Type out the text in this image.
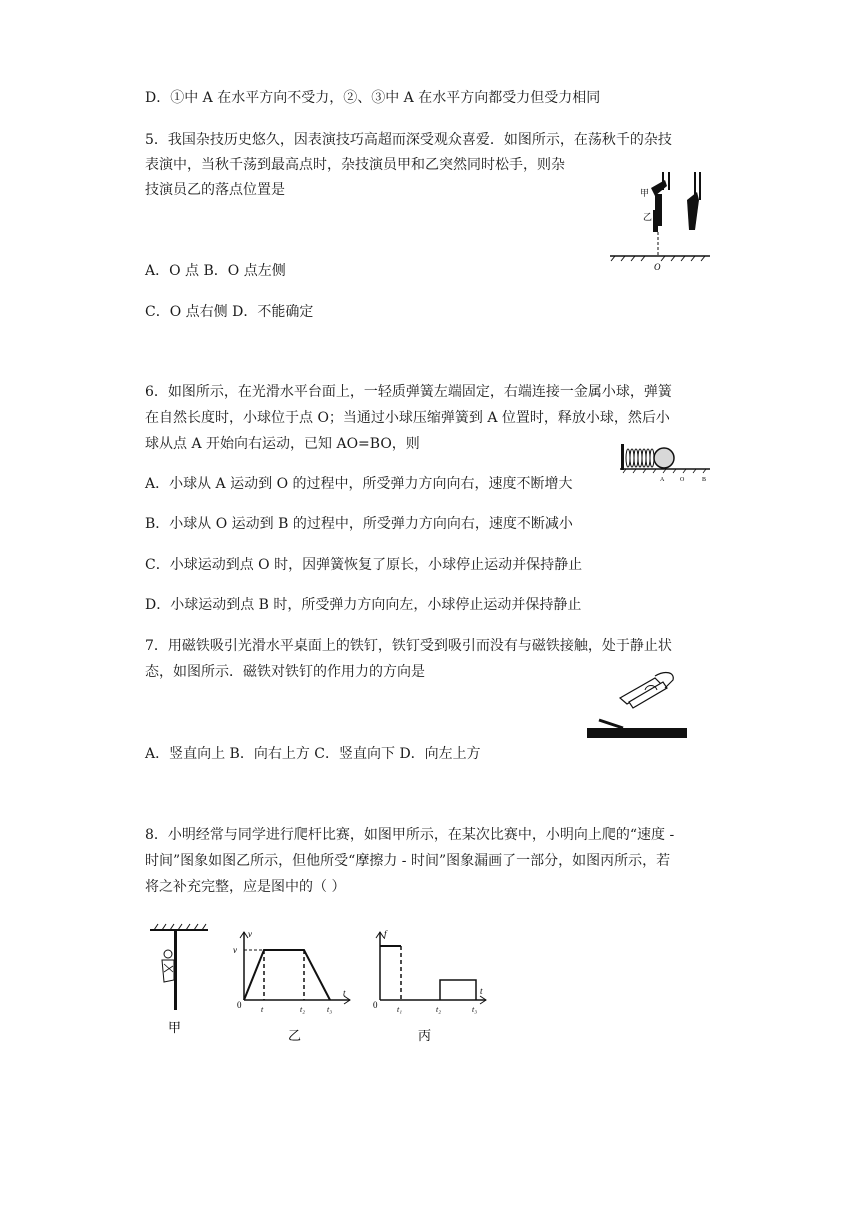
D．①中 A 在水平方向不受力，②、③中 A 在水平方向都受力但受力相同
5．我国杂技历史悠久，因表演技巧高超而深受观众喜爱．如图所示，在荡秋千的杂技
表演中，当秋千荡到最高点时，杂技演员甲和乙突然同时松手，则杂
技演员乙的落点位置是	甲
乙
O
A．O 点 B．O 点左侧
C．O 点右侧 D．不能确定
6．如图所示，在光滑水平台面上，一轻质弹簧左端固定，右端连接一金属小球，弹簧
在自然长度时，小球位于点 O；当通过小球压缩弹簧到 A 位置时，释放小球，然后小
球从点 A 开始向右运动，已知 AO=BO，则
A	O	B
A．小球从 A 运动到 O 的过程中，所受弹力方向向右，速度不断增大
B．小球从 O 运动到 B 的过程中，所受弹力方向向右，速度不断减小
C．小球运动到点 O 时，因弹簧恢复了原长，小球停止运动并保持静止
D．小球运动到点 B 时，所受弹力方向向左，小球停止运动并保持静止
7．用磁铁吸引光滑水平桌面上的铁钉，铁钉受到吸引而没有与磁铁接触，处于静止状
态，如图所示．磁铁对铁钉的作用力的方向是
A．竖直向上 B．向右上方 C．竖直向下 D．向左上方
8．小明经常与同学进行爬杆比赛，如图甲所示，在某次比赛中，小明向上爬的“速度 -
时间”图象如图乙所示，但他所受“摩擦力 - 时间”图象漏画了一部分，如图丙所示，若
将之补充完整，应是图中的（ ）
甲
v
v
0
t
t	t₂	t₃
乙
f
0
t
t₁	t₂	t₃
丙
